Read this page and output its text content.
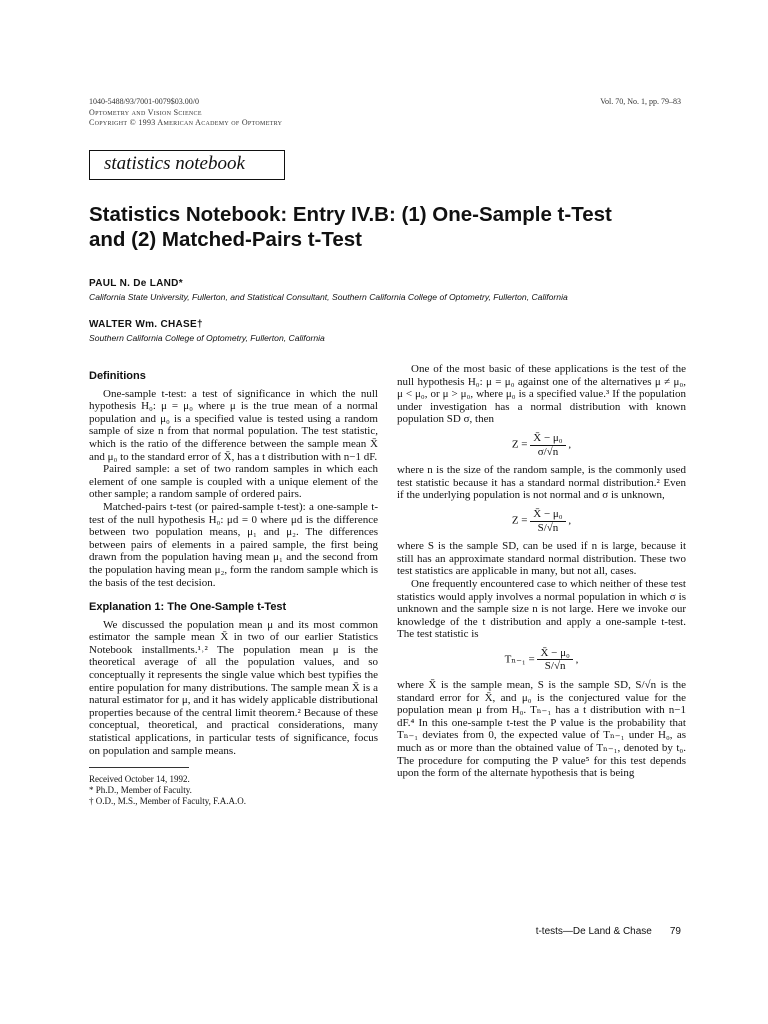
1040-5488/93/7001-0079$03.00/0
Optometry and Vision Science
Copyright © 1993 American Academy of Optometry
Vol. 70, No. 1, pp. 79–83
statistics notebook
Statistics Notebook: Entry IV.B: (1) One-Sample t-Test
and (2) Matched-Pairs t-Test
PAUL N. De LAND*
California State University, Fullerton, and Statistical Consultant, Southern California College of Optometry, Fullerton, California
WALTER Wm. CHASE†
Southern California College of Optometry, Fullerton, California
Definitions

One-sample t-test: a test of significance in which the null hypothesis H₀: μ = μ₀ where μ is the true mean of a normal population and μ₀ is a specified value is tested using a random sample of size n from that normal population. The test statistic, which is the ratio of the difference between the sample mean X̄ and μ₀ to the standard error of X̄, has a t distribution with n−1 dF.

Paired sample: a set of two random samples in which each element of one sample is coupled with a unique element of the other sample; a random sample of ordered pairs.

Matched-pairs t-test (or paired-sample t-test): a one-sample t-test of the null hypothesis H₀: μd = 0 where μd is the difference between two population means, μ₁ and μ₂. The differences between pairs of elements in a paired sample, the first being drawn from the population having mean μ₁ and the second from the population having mean μ₂, form the random sample which is the basis of the test decision.

Explanation 1: The One-Sample t-Test

We discussed the population mean μ and its most common estimator the sample mean X̄ in two of our earlier Statistics Notebook installments.¹˒² The population mean μ is the theoretical average of all the population values, and so conceptually it represents the single value which best typifies the entire population for many distributions. The sample mean X̄ is a natural estimator for μ, and it has widely applicable distributional properties because of the central limit theorem.² Because of these conceptual, theoretical, and practical considerations, many statistical applications, in particular tests of significance, focus on population and sample means.

Received October 14, 1992.
* Ph.D., Member of Faculty.
† O.D., M.S., Member of Faculty, F.A.A.O.

One of the most basic of these applications is the test of the null hypothesis H₀: μ = μ₀ against one of the alternatives μ ≠ μ₀, μ < μ₀, or μ > μ₀, where μ₀ is a specified value.³ If the population under investigation has a normal distribution with known population SD σ, then

$Z = \frac{\text{X̄ − μ₀}}{\sigma/√n}$ ,

where n is the size of the random sample, is the commonly used test statistic because it has a standard normal distribution.² Even if the underlying population is not normal and σ is unknown,

$Z = \frac{\text{X̄ − μ₀}}{S/√n}$ ,

where S is the sample SD, can be used if n is large, because it still has an approximate standard normal distribution. These two test statistics are applicable in many, but not all, cases.

One frequently encountered case to which neither of these test statistics would apply involves a normal population in which σ is unknown and the sample size n is not large. Here we invoke our knowledge of the t distribution and apply a one-sample t-test. The test statistic is

$T_{n-1} = \frac{\text{X̄ − μ₀}}{S/√n}$ ,

where X̄ is the sample mean, S is the sample SD, S/√n is the standard error for X̄, and μ₀ is the conjectured value for the population mean μ from H₀. Tₙ₋₁ has a t distribution with n−1 dF.⁴ In this one-sample t-test the P value is the probability that Tₙ₋₁ deviates from 0, the expected value of Tₙ₋₁ under H₀, as much as or more than the obtained value of Tₙ₋₁, denoted by t₀. The procedure for computing the P value⁵ for this test depends upon the form of the alternate hypothesis that is being

t-tests—De Land & Chase 79
